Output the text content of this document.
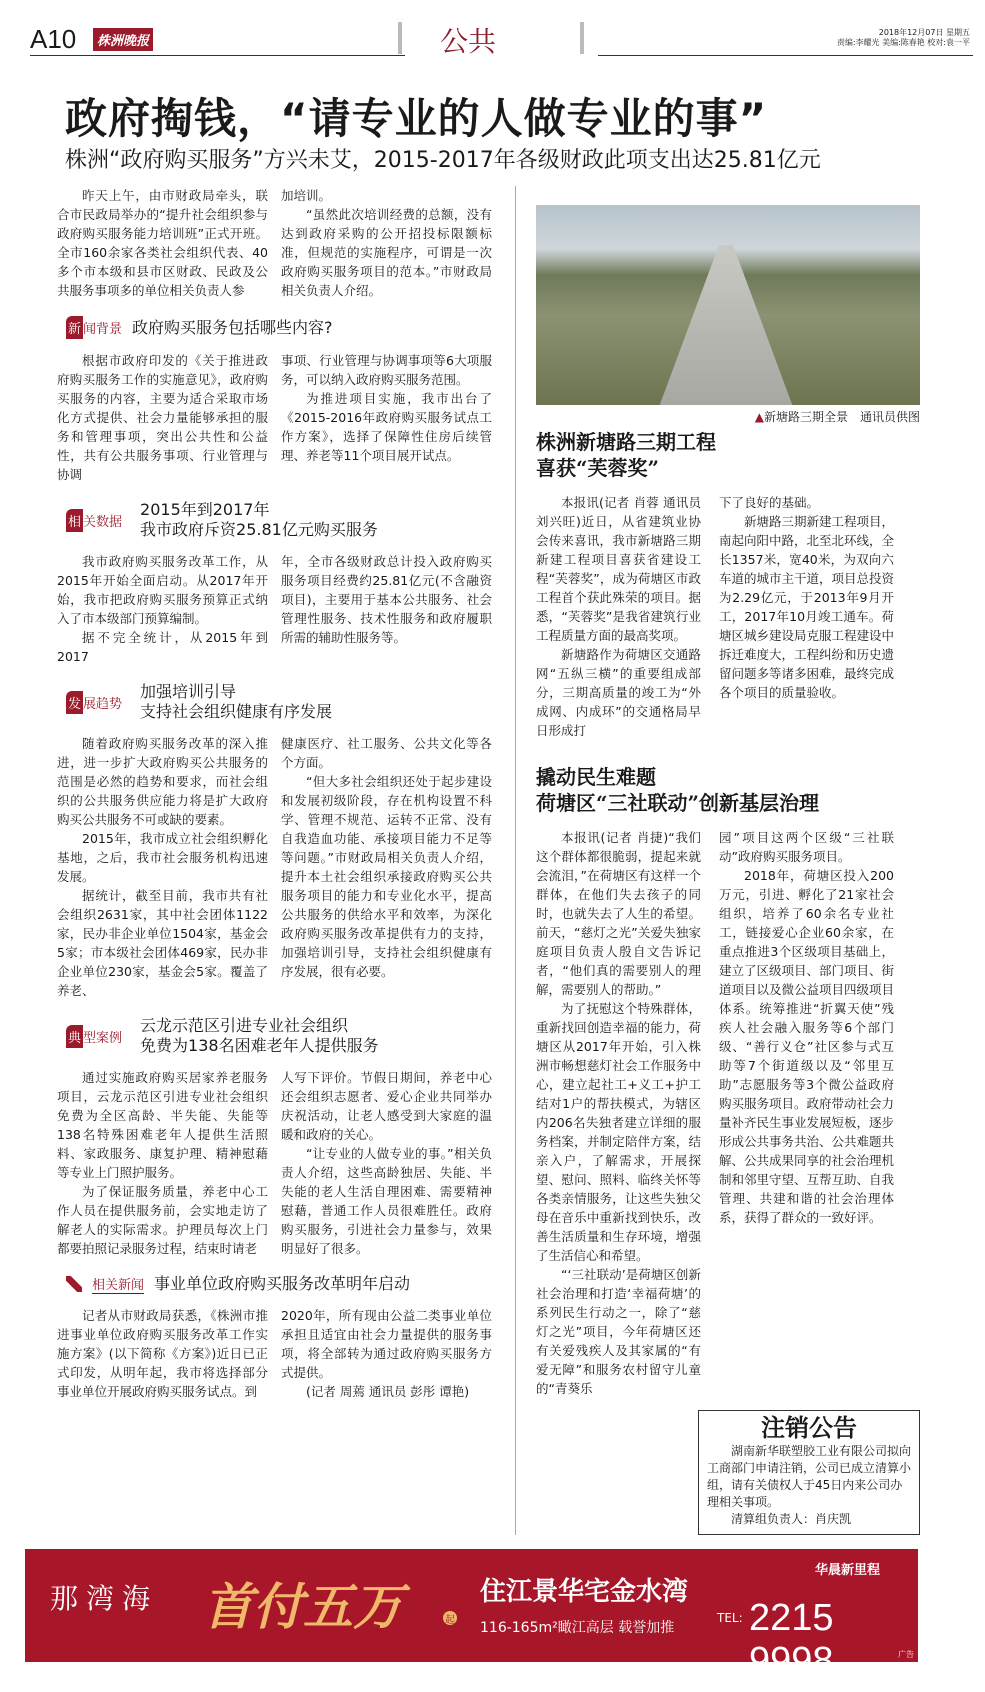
A10	株洲晚报	公共	2018年12月07日 星期五
责编:李耀光 美编:陈春艳 校对:袁一平
政府掏钱，“请专业的人做专业的事”
株洲“政府购买服务”方兴未艾，2015-2017年各级财政此项支出达25.81亿元

昨天上午，由市财政局牵头，联合市民政局举办的“提升社会组织参与政府购买服务能力培训班”正式开班。全市160余家各类社会组织代表、40多个市本级和县市区财政、民政及公共服务事项多的单位相关负责人参

加培训。

“虽然此次培训经费的总额，没有达到政府采购的公开招投标限额标准，但规范的实施程序，可谓是一次政府购买服务项目的范本。”市财政局相关负责人介绍。

新 闻背景 政府购买服务包括哪些内容?

根据市政府印发的《关于推进政府购买服务工作的实施意见》，政府购买服务的内容，主要为适合采取市场化方式提供、社会力量能够承担的服务和管理事项，突出公共性和公益性，共有公共服务事项、行业管理与协调

事项、行业管理与协调事项等6大项服务，可以纳入政府购买服务范围。

为推进项目实施，我市出台了《2015-2016年政府购买服务试点工作方案》，选择了保障性住房后续管理、养老等11个项目展开试点。

相 关数据
2015年到2017年
我市政府斥资25.81亿元购买服务

我市政府购买服务改革工作，从2015年开始全面启动。从2017年开始，我市把政府购买服务预算正式纳入了市本级部门预算编制。

据不完全统计，从2015年到2017

年，全市各级财政总计投入政府购买服务项目经费约25.81亿元(不含融资项目)，主要用于基本公共服务、社会管理性服务、技术性服务和政府履职所需的辅助性服务等。

发 展趋势
加强培训引导
支持社会组织健康有序发展

随着政府购买服务改革的深入推进，进一步扩大政府购买公共服务的范围是必然的趋势和要求，而社会组织的公共服务供应能力将是扩大政府购买公共服务不可或缺的要素。

2015年，我市成立社会组织孵化基地，之后，我市社会服务机构迅速发展。

据统计，截至目前，我市共有社会组织2631家，其中社会团体1122家，民办非企业单位1504家，基金会5家；市本级社会团体469家，民办非企业单位230家，基金会5家。覆盖了养老、

健康医疗、社工服务、公共文化等各个方面。

“但大多社会组织还处于起步建设和发展初级阶段，存在机构设置不科学、管理不规范、运转不正常、没有自我造血功能、承接项目能力不足等等问题。”市财政局相关负责人介绍，提升本土社会组织承接政府购买公共服务项目的能力和专业化水平，提高公共服务的供给水平和效率，为深化政府购买服务改革提供有力的支持，加强培训引导，支持社会组织健康有序发展，很有必要。

典 型案例
云龙示范区引进专业社会组织
免费为138名困难老年人提供服务

通过实施政府购买居家养老服务项目，云龙示范区引进专业社会组织免费为全区高龄、半失能、失能等138名特殊困难老年人提供生活照料、家政服务、康复护理、精神慰藉等专业上门照护服务。

为了保证服务质量，养老中心工作人员在提供服务前，会实地走访了解老人的实际需求。护理员每次上门都要拍照记录服务过程，结束时请老

人写下评价。节假日期间，养老中心还会组织志愿者、爱心企业共同举办庆祝活动，让老人感受到大家庭的温暖和政府的关心。

“让专业的人做专业的事。”相关负责人介绍，这些高龄独居、失能、半失能的老人生活自理困难、需要精神慰藉，普通工作人员很难胜任。政府购买服务，引进社会力量参与，效果明显好了很多。

相关新闻 事业单位政府购买服务改革明年启动

记者从市财政局获悉，《株洲市推进事业单位政府购买服务改革工作实施方案》(以下简称《方案》)近日已正式印发，从明年起，我市将选择部分事业单位开展政府购买服务试点。到

2020年，所有现由公益二类事业单位承担且适宜由社会力量提供的服务事项，将全部转为通过政府购买服务方式提供。

(记者 周蔫 通讯员 彭彤 谭艳)

▲新塘路三期全景　通讯员供图
株洲新塘路三期工程
喜获“芙蓉奖”

本报讯(记者 肖蓉 通讯员 刘兴旺)近日，从省建筑业协会传来喜讯，我市新塘路三期新建工程项目喜获省建设工程“芙蓉奖”，成为荷塘区市政工程首个获此殊荣的项目。据悉，“芙蓉奖”是我省建筑行业工程质量方面的最高奖项。

新塘路作为荷塘区交通路网“五纵三横”的重要组成部分，三期高质量的竣工为“外成网、内成环”的交通格局早日形成打

下了良好的基础。

新塘路三期新建工程项目，南起向阳中路，北至北环线，全长1357米，宽40米，为双向六车道的城市主干道，项目总投资为2.29亿元，于2013年9月开工，2017年10月竣工通车。荷塘区城乡建设局克服工程建设中拆迁难度大，工程纠纷和历史遗留问题多等诸多困难，最终完成各个项目的质量验收。

撬动民生难题
荷塘区“三社联动”创新基层治理

本报讯(记者 肖捷)“我们这个群体都很脆弱，提起来就会流泪，”在荷塘区有这样一个群体，在他们失去孩子的同时，也就失去了人生的希望。前天，“慈灯之光”关爱失独家庭项目负责人殷自文告诉记者，“他们真的需要别人的理解，需要别人的帮助。”

为了抚慰这个特殊群体，重新找回创造幸福的能力，荷塘区从2017年开始，引入株洲市畅想慈灯社会工作服务中心，建立起社工+义工+护工结对1户的帮扶模式，为辖区内206名失独者建立详细的服务档案，并制定陪伴方案，结亲入户，了解需求，开展探望、慰问、照料、临终关怀等各类亲情服务，让这些失独父母在音乐中重新找到快乐，改善生活质量和生存环境，增强了生活信心和希望。

“‘三社联动’是荷塘区创新社会治理和打造‘幸福荷塘’的系列民生行动之一，除了“慈灯之光”项目，今年荷塘区还有关爱残疾人及其家属的“有爱无障”和服务农村留守儿童的“青葵乐

园”项目这两个区级“三社联动”政府购买服务项目。

2018年，荷塘区投入200万元，引进、孵化了21家社会组织，培养了60余名专业社工，链接爱心企业60余家，在重点推进3个区级项目基础上，建立了区级项目、部门项目、街道项目以及微公益项目四级项目体系。统筹推进“折翼天使”残疾人社会融入服务等6个部门级、“善行义仓”社区参与式互助等7个街道级以及“邻里互助”志愿服务等3个微公益政府购买服务项目。政府带动社会力量补齐民生事业发展短板，逐步形成公共事务共治、公共难题共解、公共成果同享的社会治理机制和邻里守望、互帮互助、自我管理、共建和谐的社会治理体系，获得了群众的一致好评。

注销公告

湖南新华联塑胶工业有限公司拟向工商部门申请注销，公司已成立清算小组，请有关债权人于45日内来公司办理相关事项。

清算组负责人：肖庆凯

那湾海 首付五万	起
住江景华宅金水湾
116-165m²瞰江高层 载誉加推
华晨新里程
TEL: 2215 9998	广告
